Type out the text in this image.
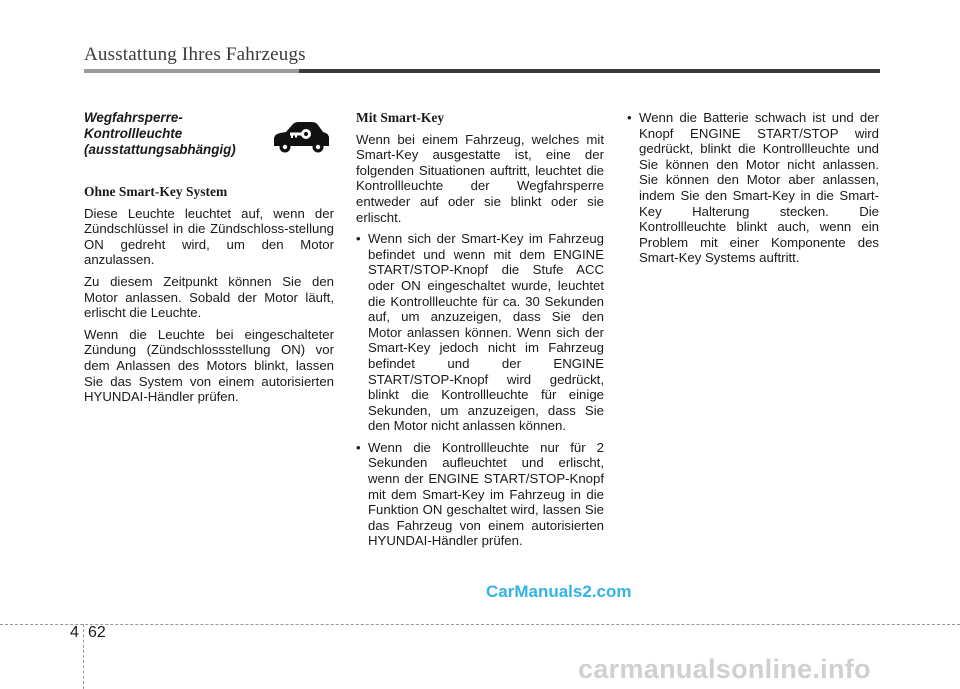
Ausstattung Ihres Fahrzeugs

Wegfahrsperre- Kontrollleuchte (ausstattungsabhängig)

Ohne Smart-Key System

Diese Leuchte leuchtet auf, wenn der Zündschlüssel in die Zündschloss-stellung ON gedreht wird, um den Motor anzulassen.

Zu diesem Zeitpunkt können Sie den Motor anlassen. Sobald der Motor läuft, erlischt die Leuchte.

Wenn die Leuchte bei eingeschalteter Zündung (Zündschlossstellung ON) vor dem Anlassen des Motors blinkt, lassen Sie das System von einem autorisierten HYUNDAI-Händler prüfen.

Mit Smart-Key

Wenn bei einem Fahrzeug, welches mit Smart-Key ausgestatte ist, eine der folgenden Situationen auftritt, leuchtet die Kontrollleuchte der Wegfahrsperre entweder auf oder sie blinkt oder sie erlischt.

• Wenn sich der Smart-Key im Fahrzeug befindet und wenn mit dem ENGINE START/STOP-Knopf die Stufe ACC oder ON eingeschaltet wurde, leuchtet die Kontrollleuchte für ca. 30 Sekunden auf, um anzuzeigen, dass Sie den Motor anlassen können. Wenn sich der Smart-Key jedoch nicht im Fahrzeug befindet und der ENGINE START/STOP-Knopf wird gedrückt, blinkt die Kontrollleuchte für einige Sekunden, um anzuzeigen, dass Sie den Motor nicht anlassen können.
• Wenn die Kontrollleuchte nur für 2 Sekunden aufleuchtet und erlischt, wenn der ENGINE START/STOP-Knopf mit dem Smart-Key im Fahrzeug in die Funktion ON geschaltet wird, lassen Sie das Fahrzeug von einem autorisierten HYUNDAI-Händler prüfen.
• Wenn die Batterie schwach ist und der Knopf ENGINE START/STOP wird gedrückt, blinkt die Kontrollleuchte und Sie können den Motor nicht anlassen. Sie können den Motor aber anlassen, indem Sie den Smart-Key in die Smart-Key Halterung stecken. Die Kontrollleuchte blinkt auch, wenn ein Problem mit einer Komponente des Smart-Key Systems auftritt.
CarManuals2.com
4 62
carmanualsonline.info
